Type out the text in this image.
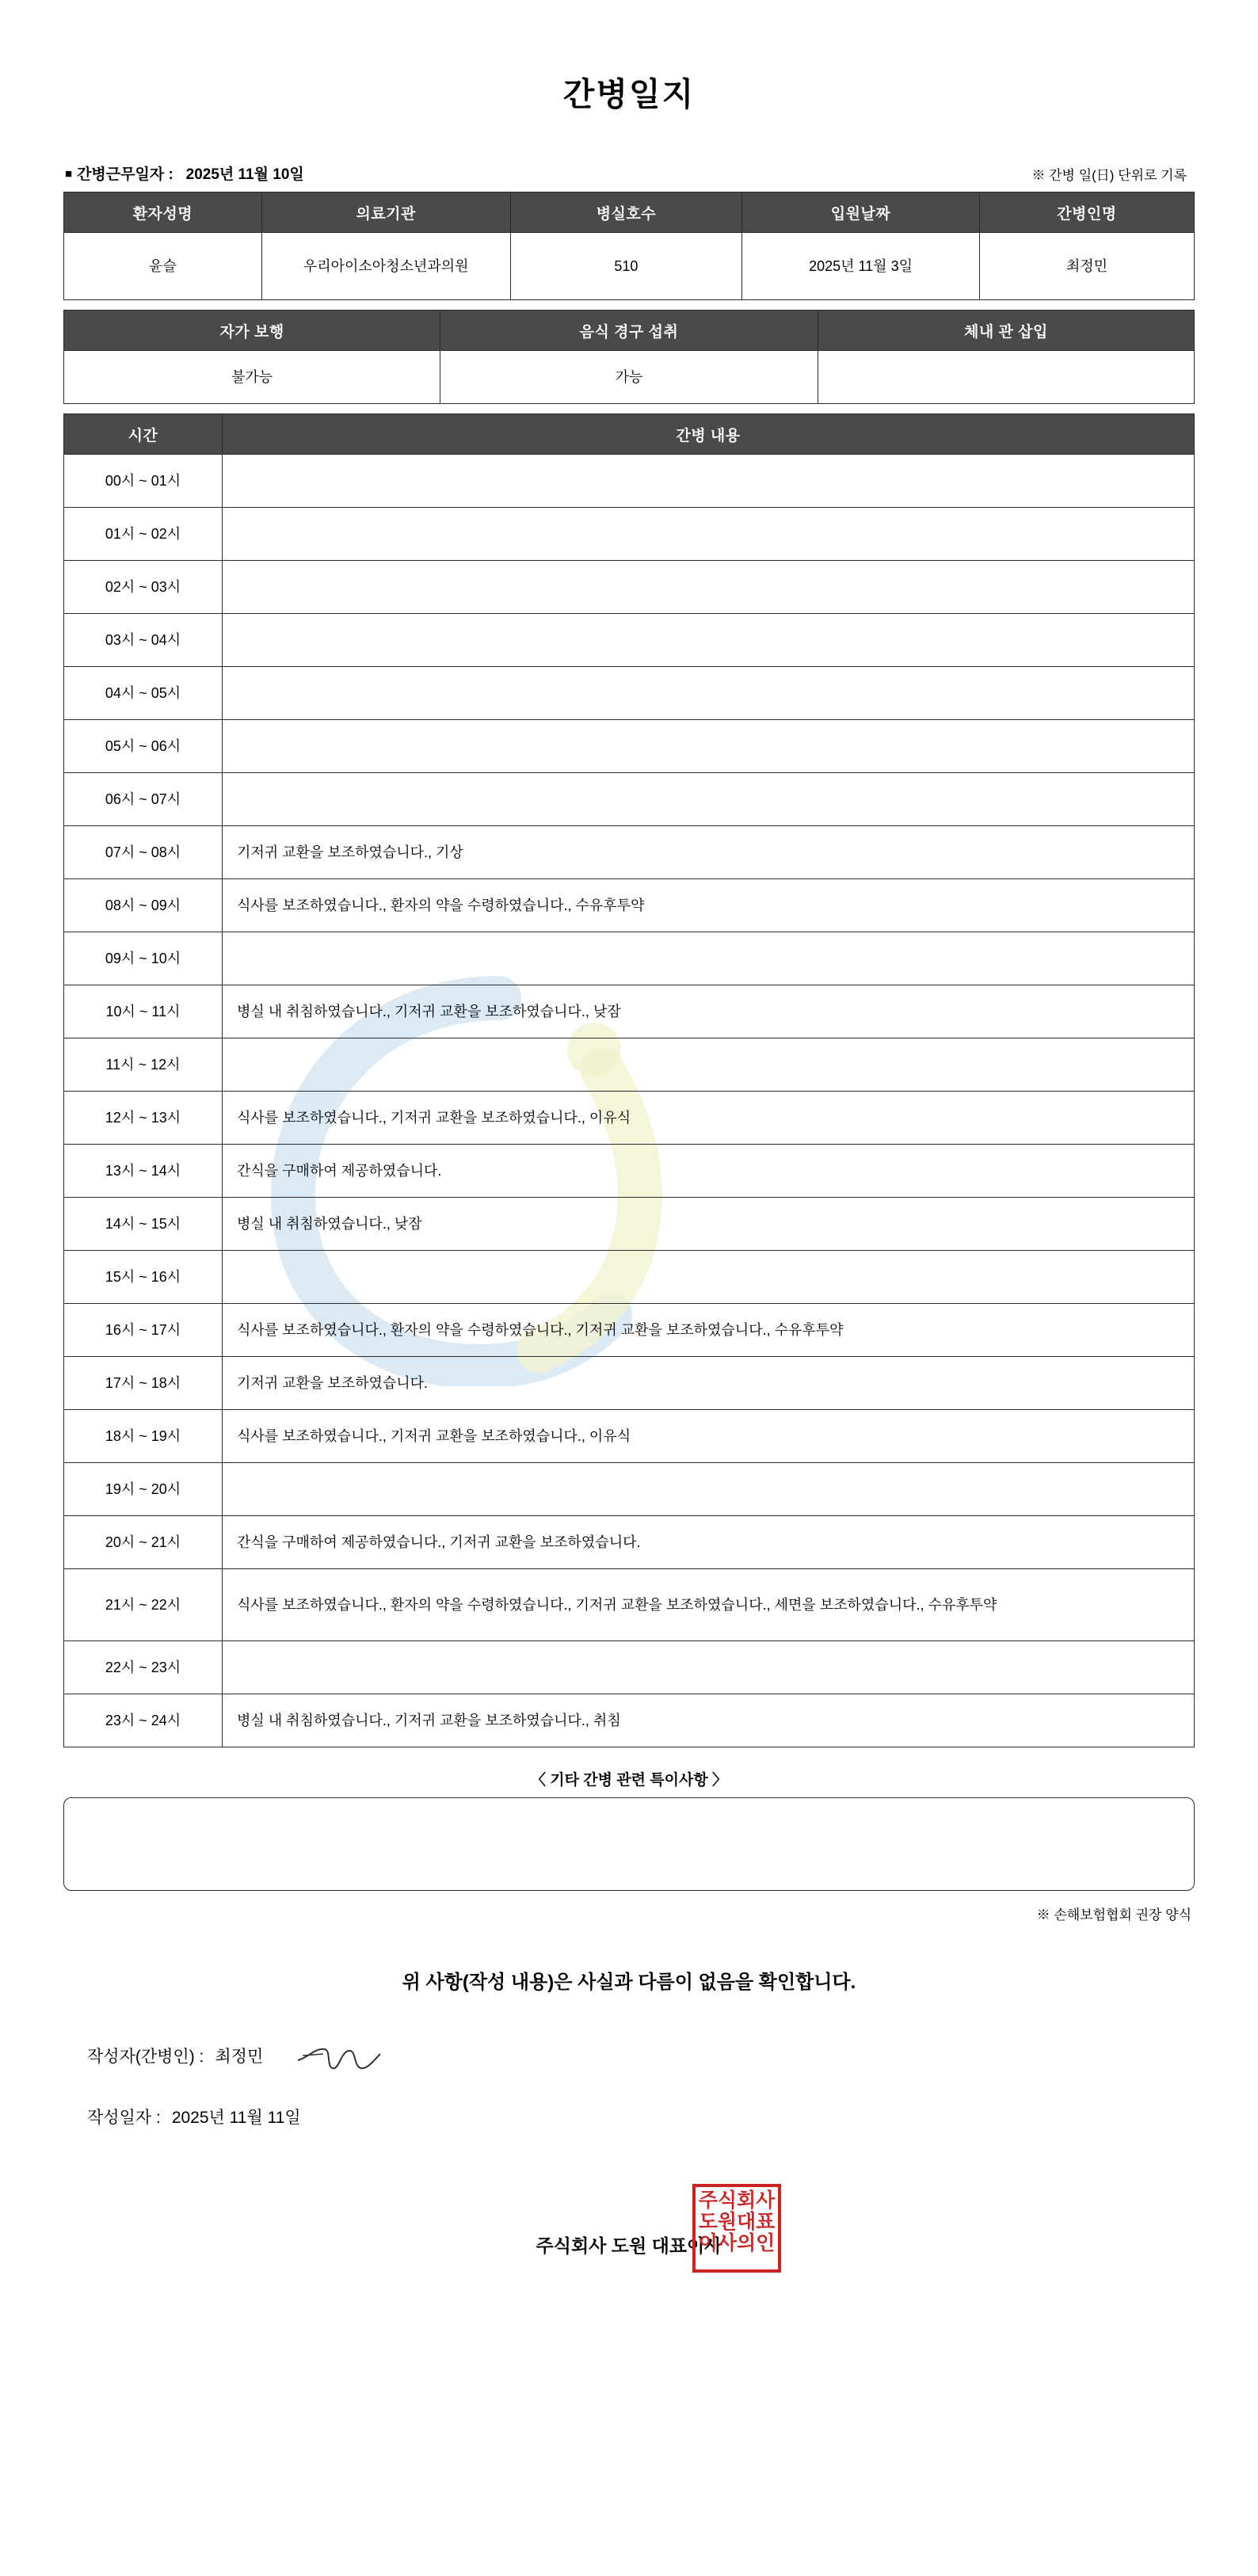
간병일지
■ 간병근무일자 : 2025년 11월 10일	※ 간병 일(日) 단위로 기록
환자성명	의료기관	병실호수	입원날짜	간병인명
윤슬	우리아이소아청소년과의원	510	2025년 11월 3일	최정민
자가 보행	음식 경구 섭취	체내 관 삽입
불가능	가능	
시간	간병 내용
00시 ~ 01시	
01시 ~ 02시	
02시 ~ 03시	
03시 ~ 04시	
04시 ~ 05시	
05시 ~ 06시	
06시 ~ 07시	
07시 ~ 08시	기저귀 교환을 보조하였습니다., 기상
08시 ~ 09시	식사를 보조하였습니다., 환자의 약을 수령하였습니다., 수유후투약
09시 ~ 10시	
10시 ~ 11시	병실 내 취침하였습니다., 기저귀 교환을 보조하였습니다., 낮잠
11시 ~ 12시	
12시 ~ 13시	식사를 보조하였습니다., 기저귀 교환을 보조하였습니다., 이유식
13시 ~ 14시	간식을 구매하여 제공하였습니다.
14시 ~ 15시	병실 내 취침하였습니다., 낮잠
15시 ~ 16시	
16시 ~ 17시	식사를 보조하였습니다., 환자의 약을 수령하였습니다., 기저귀 교환을 보조하였습니다., 수유후투약
17시 ~ 18시	기저귀 교환을 보조하였습니다.
18시 ~ 19시	식사를 보조하였습니다., 기저귀 교환을 보조하였습니다., 이유식
19시 ~ 20시	
20시 ~ 21시	간식을 구매하여 제공하였습니다., 기저귀 교환을 보조하였습니다.
21시 ~ 22시	식사를 보조하였습니다., 환자의 약을 수령하였습니다., 기저귀 교환을 보조하였습니다., 세면을 보조하였습니다., 수유후투약
22시 ~ 23시	
23시 ~ 24시	병실 내 취침하였습니다., 기저귀 교환을 보조하였습니다., 취침
〈 기타 간병 관련 특이사항 〉
※ 손해보험협회 권장 양식
위 사항(작성 내용)은 사실과 다름이 없음을 확인합니다.
작성자(간병인) : 최정민
작성일자 : 2025년 11월 11일
주식회사 도원 대표이사
주식회사
도원대표
이사의인
